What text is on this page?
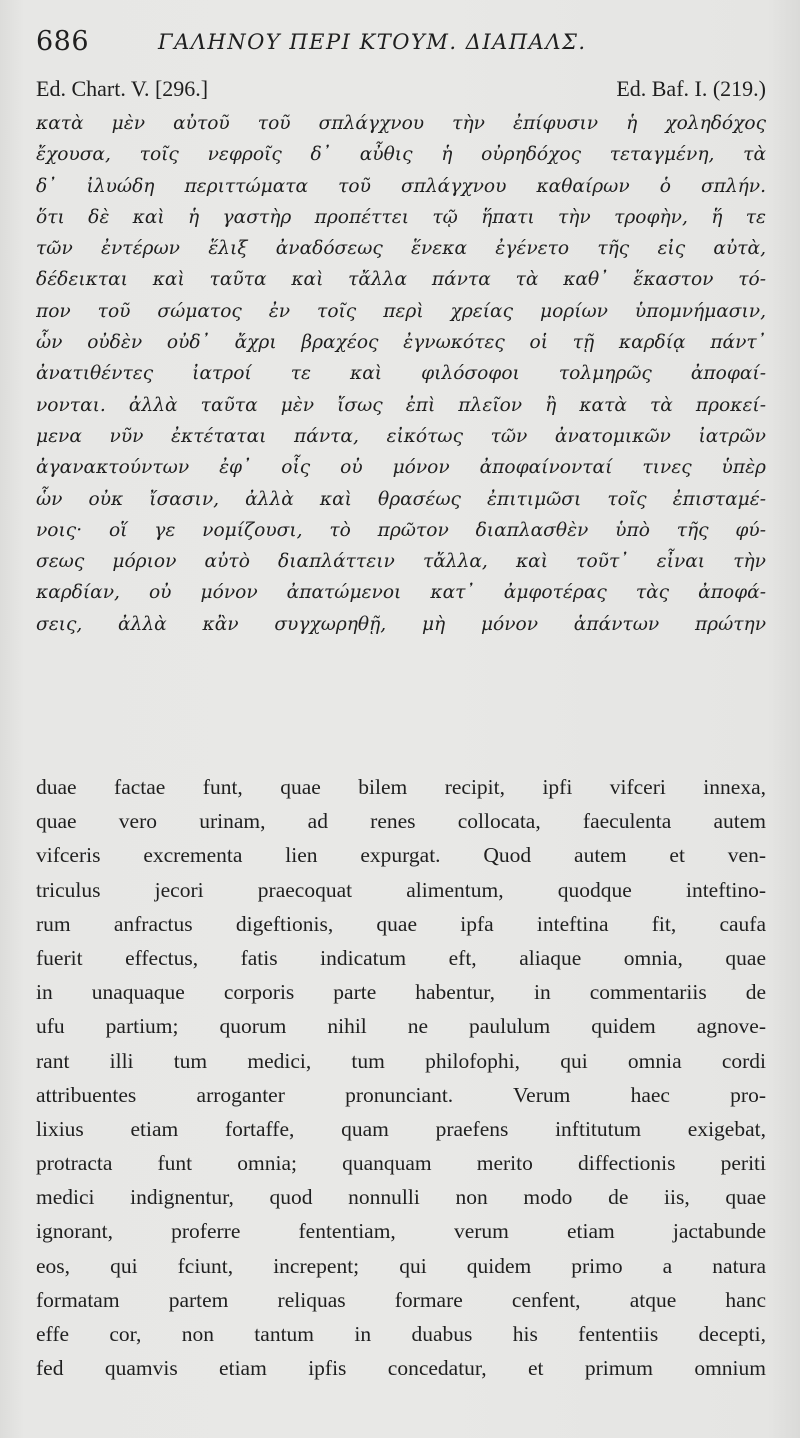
686	ΓΑΛΗΝΟΥ ΠΕΡΙ ΚΤΟΥΜ. ΔΙΑΠΑΛΣ.
Ed. Chart. V. [296.]	Ed. Baf. I. (219.)
κατὰ μὲν αὐτοῦ τοῦ σπλάγχνου τὴν ἐπίφυσιν ἡ χοληδόχος
ἔχουσα, τοῖς νεφροῖς δ᾿ αὖθις ἡ οὐρηδόχος τεταγμένη, τὰ
δ᾿ ἰλυώδη περιττώματα τοῦ σπλάγχνου καθαίρων ὁ σπλήν.
ὅτι δὲ καὶ ἡ γαστὴρ προπέττει τῷ ἥπατι τὴν τροφὴν, ἥ τε
τῶν ἐντέρων ἕλιξ ἀναδόσεως ἕνεκα ἐγένετο τῆς εἰς αὐτὰ,
δέδεικται καὶ ταῦτα καὶ τἄλλα πάντα τὰ καθ᾿ ἕκαστον τό-
πον τοῦ σώματος ἐν τοῖς περὶ χρείας μορίων ὑπομνήμασιν,
ὧν οὐδὲν οὐδ᾿ ἄχρι βραχέος ἐγνωκότες οἱ τῇ καρδίᾳ πάντ᾿
ἀνατιθέντες ἰατροί τε καὶ φιλόσοφοι τολμηρῶς ἀποφαί-
νονται. ἀλλὰ ταῦτα μὲν ἴσως ἐπὶ πλεῖον ἢ κατὰ τὰ προκεί-
μενα νῦν ἐκτέταται πάντα, εἰκότως τῶν ἀνατομικῶν ἰατρῶν
ἀγανακτούντων ἐφ᾿ οἷς οὐ μόνον ἀποφαίνονταί τινες ὑπὲρ
ὧν οὐκ ἴσασιν, ἀλλὰ καὶ θρασέως ἐπιτιμῶσι τοῖς ἐπισταμέ-
νοις· οἵ γε νομίζουσι, τὸ πρῶτον διαπλασθὲν ὑπὸ τῆς φύ-
σεως μόριον αὐτὸ διαπλάττειν τἄλλα, καὶ τοῦτ᾿ εἶναι τὴν
καρδίαν, οὐ μόνον ἀπατώμενοι κατ᾿ ἀμφοτέρας τὰς ἀποφά-
σεις, ἀλλὰ κἂν συγχωρηθῇ, μὴ μόνον ἁπάντων πρώτην
duae factae funt, quae bilem recipit, ipfi vifceri innexa,
quae vero urinam, ad renes collocata, faeculenta autem
vifceris excrementa lien expurgat. Quod autem et ven-
triculus jecori praecoquat alimentum, quodque inteftino-
rum anfractus digeftionis, quae ipfa inteftina fit, caufa
fuerit effectus, fatis indicatum eft, aliaque omnia, quae
in unaquaque corporis parte habentur, in commentariis de
ufu partium; quorum nihil ne paululum quidem agnove-
rant illi tum medici, tum philofophi, qui omnia cordi
attribuentes arroganter pronunciant. Verum haec pro-
lixius etiam fortaffe, quam praefens inftitutum exigebat,
protracta funt omnia; quanquam merito diffectionis periti
medici indignentur, quod nonnulli non modo de iis, quae
ignorant, proferre fententiam, verum etiam jactabunde
eos, qui fciunt, increpent; qui quidem primo a natura
formatam partem reliquas formare cenfent, atque hanc
effe cor, non tantum in duabus his fententiis decepti,
fed quamvis etiam ipfis concedatur, et primum omnium
